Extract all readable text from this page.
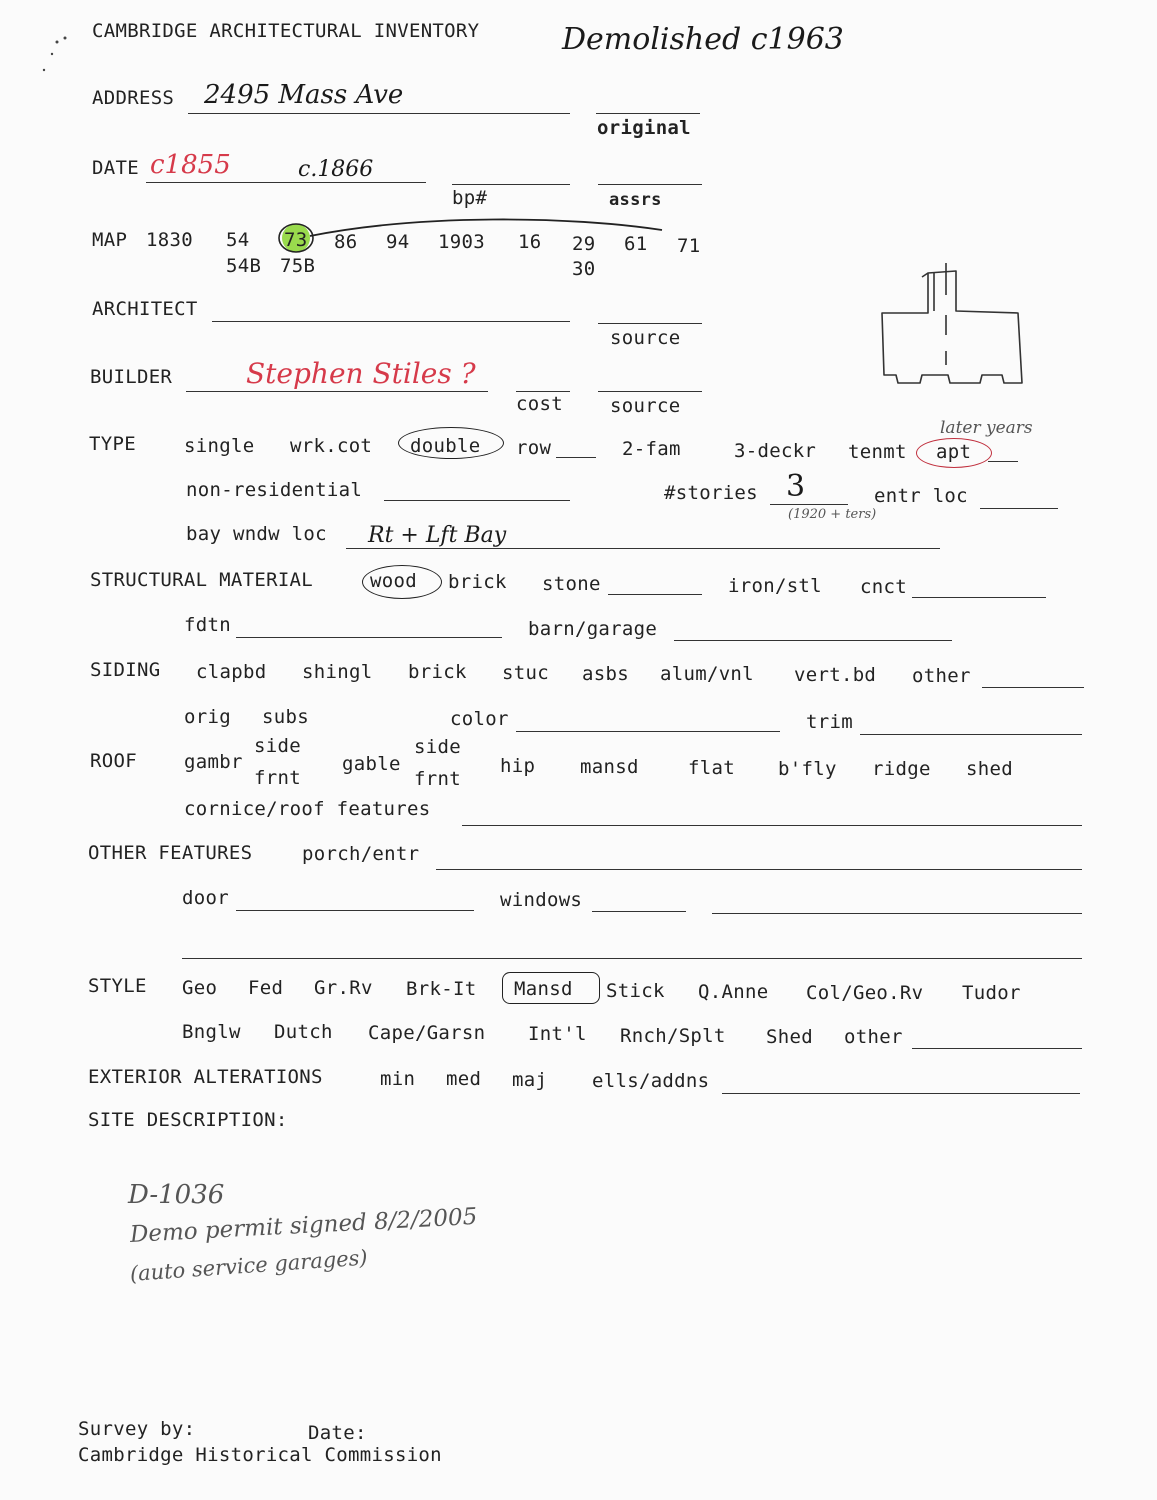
CAMBRIDGE ARCHITECTURAL INVENTORY	Demolished c1963
ADDRESS 2495 Mass Ave
original
DATE c1855	c.1866
bp#	assrs
MAP 1830 54 73 86 94 1903 16 29 61 71
54B 75B	30
ARCHITECT
source
BUILDER	Stephen Stiles ?
cost source
TYPE	single wrk.cot double row	2-fam	3-deckr tenmt apt
later years
non-residential	#stories 3
(1920 + ters)
entr loc
bay wndw loc Rt + Lft Bay
STRUCTURAL MATERIAL	wood brick stone	iron/stl cnct
fdtn	barn/garage
SIDING clapbd shingl brick stuc asbs alum/vnl vert.bd other
orig subs	color	trim
ROOF gambr
side
frnt
gable
side
frnt
hip mansd	flat b'fly ridge shed
cornice/roof features
OTHER FEATURES	porch/entr
door	windows
STYLE Geo Fed Gr.Rv Brk-It Mansd Stick Q.Anne Col/Geo.Rv Tudor
Bnglw Dutch Cape/Garsn Int'l Rnch/Splt Shed other
EXTERIOR ALTERATIONS	min med maj ells/addns
SITE DESCRIPTION:
D-1036
Demo permit signed 8/2/2005
(auto service garages)
Survey by:	Date:
Cambridge Historical Commission
